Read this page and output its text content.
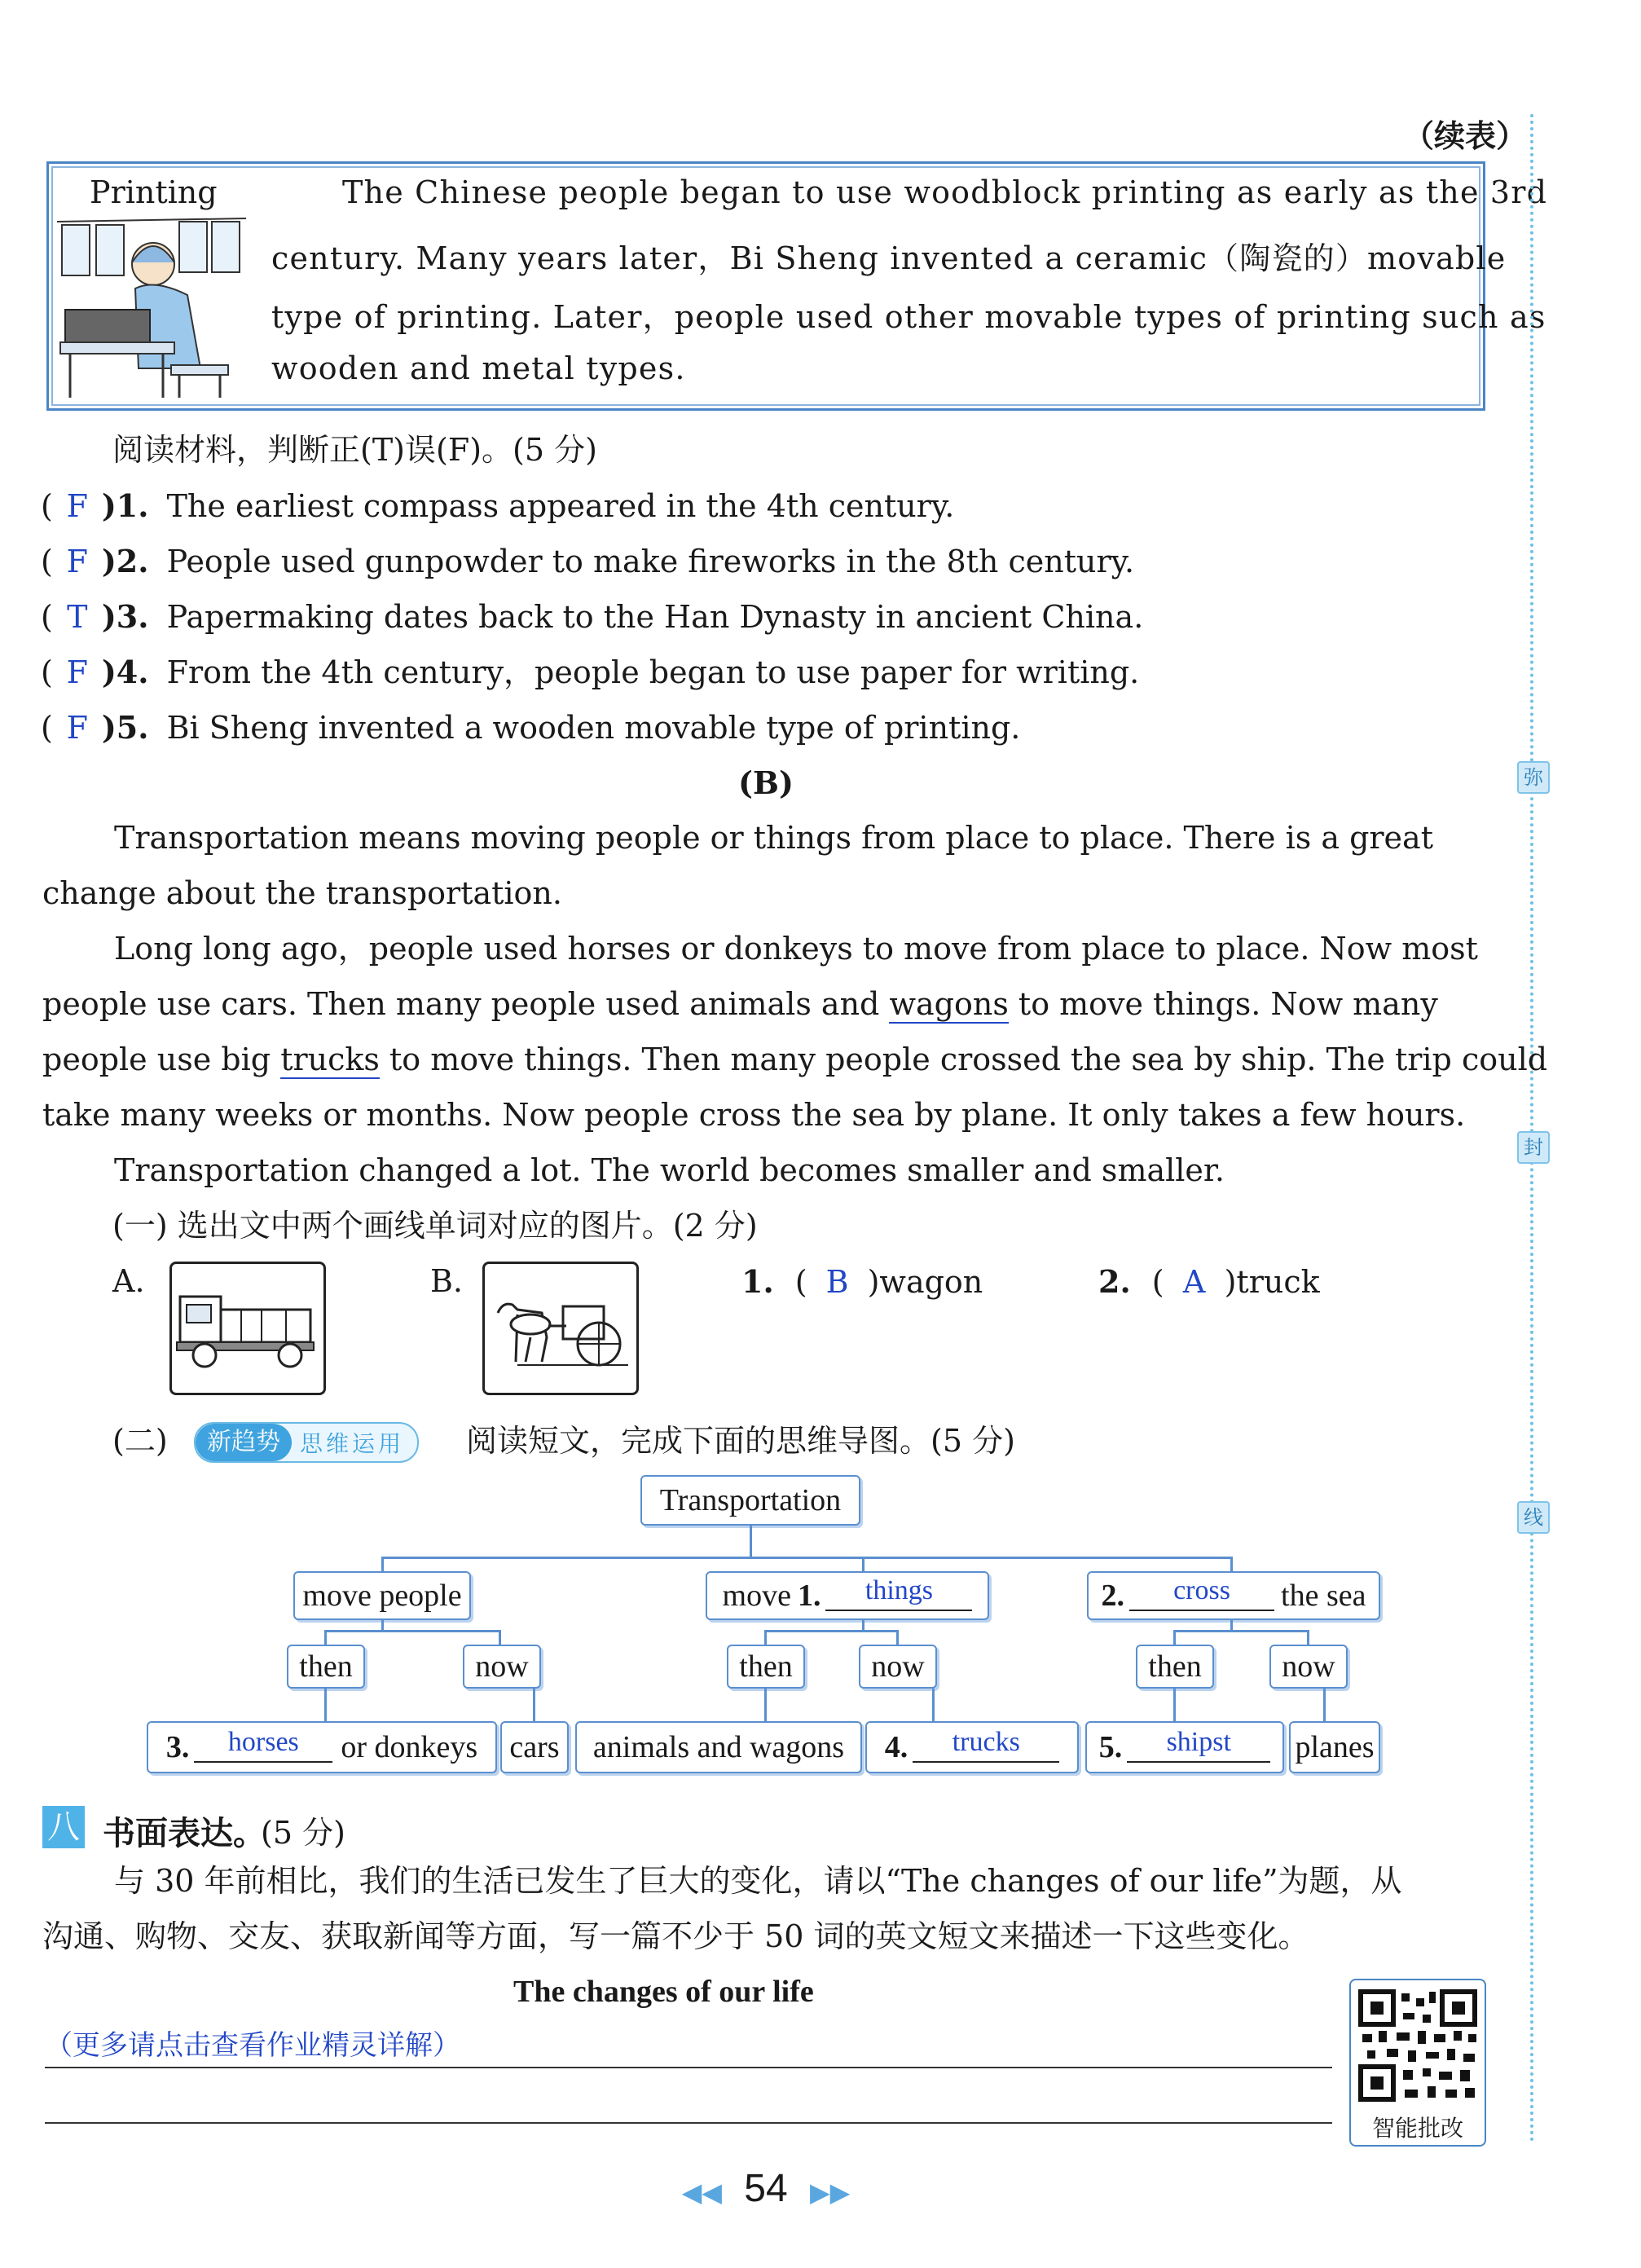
（续表）
Printing	The Chinese people began to use woodblock printing as early as the 3rd
century. Many years later，Bi Sheng invented a ceramic（陶瓷的）movable
type of printing. Later，people used other movable types of printing such as
wooden and metal types.
弥
封
线
阅读材料，判断正(T)误(F)。(5 分)
( F )1. The earliest compass appeared in the 4th century.
( F )2. People used gunpowder to make fireworks in the 8th century.
( T )3. Papermaking dates back to the Han Dynasty in ancient China.
( F )4. From the 4th century，people began to use paper for writing.
( F )5. Bi Sheng invented a wooden movable type of printing.
(B)
Transportation means moving people or things from place to place. There is a great
change about the transportation.
Long long ago，people used horses or donkeys to move from place to place. Now most
people use cars. Then many people used animals and wagons to move things. Now many
people use big trucks to move things. Then many people crossed the sea by ship. The trip could
take many weeks or months. Now people cross the sea by plane. It only takes a few hours.
Transportation changed a lot. The world becomes smaller and smaller.
(一) 选出文中两个画线单词对应的图片。(2 分)
A.	B.	1. ( B )wagon	2. ( A )truck
(二)	新趋势 思维运用	阅读短文，完成下面的思维导图。(5 分)
Transportation
move people	move 1.	things	2.	cross	the sea
then	now	then	now	then	now
3.	horses	or donkeys	cars	animals and wagons	4.	trucks	5.	shipst	planes
八 书面表达。
(5 分)
与 30 年前相比，我们的生活已发生了巨大的变化，请以“The changes of our life”为题，从
沟通、购物、交友、获取新闻等方面，写一篇不少于 50 词的英文短文来描述一下这些变化。
The changes of our life
（更多请点击查看作业精灵详解）
智能批改
◀◀ 54 ▶▶
